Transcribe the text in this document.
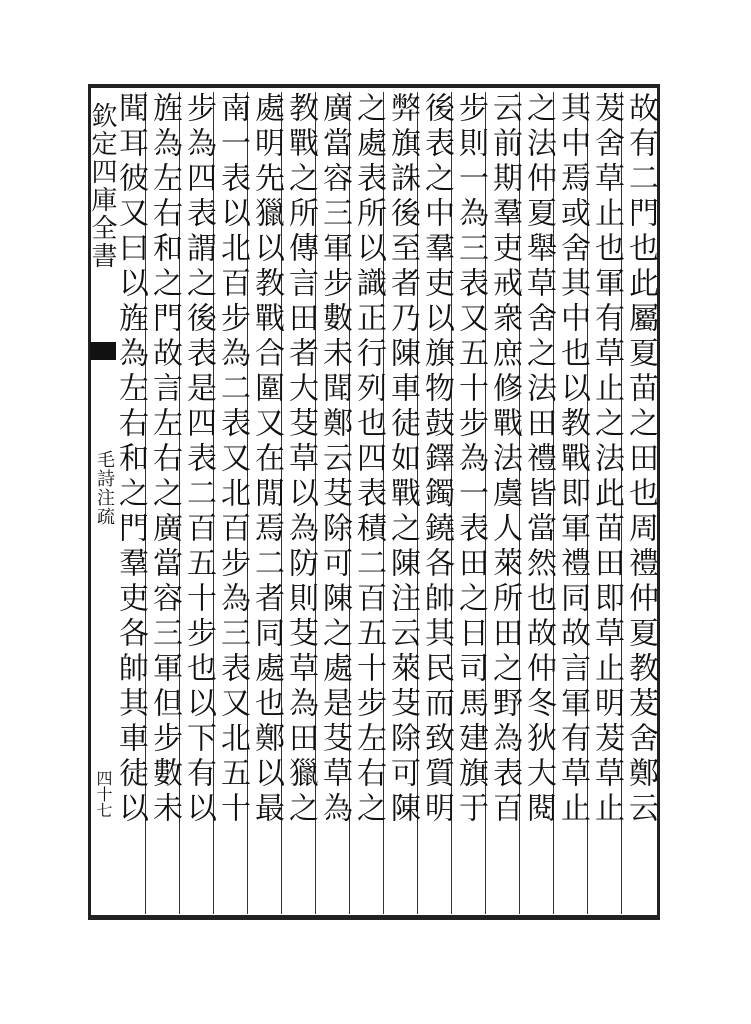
欽定四庫全書
毛詩注疏
四十七	故有二門也此屬夏苗之田也周禮仲夏教茇舍鄭云
茇舍草止也軍有草止之法此苗田即草止明茇草止
其中焉或舍其中也以教戰即軍禮同故言軍有草止
之法仲夏舉草舍之法田禮皆當然也故仲冬狄大閱
云前期羣吏戒衆庶修戰法虞人萊所田之野為表百
步則一為三表又五十步為一表田之日司馬建旗于
後表之中羣吏以旗物鼓鐸鐲鐃各帥其民而致質明
弊旗誅後至者乃陳車徒如戰之陳注云萊芟除可陳
之處表所以識正行列也四表積二百五十步左右之
廣當容三軍步數未聞鄭云芟除可陳之處是芟草為
教戰之所傳言田者大芟草以為防則芟草為田獵之
處明先獵以教戰合圍又在閒焉二者同處也鄭以最
南一表以北百步為二表又北百步為三表又北五十
步為四表謂之後表是四表二百五十步也以下有以
旌為左右和之門故言左右之廣當容三軍但步數未
聞耳彼又曰以旌為左右和之門羣吏各帥其車徒以
